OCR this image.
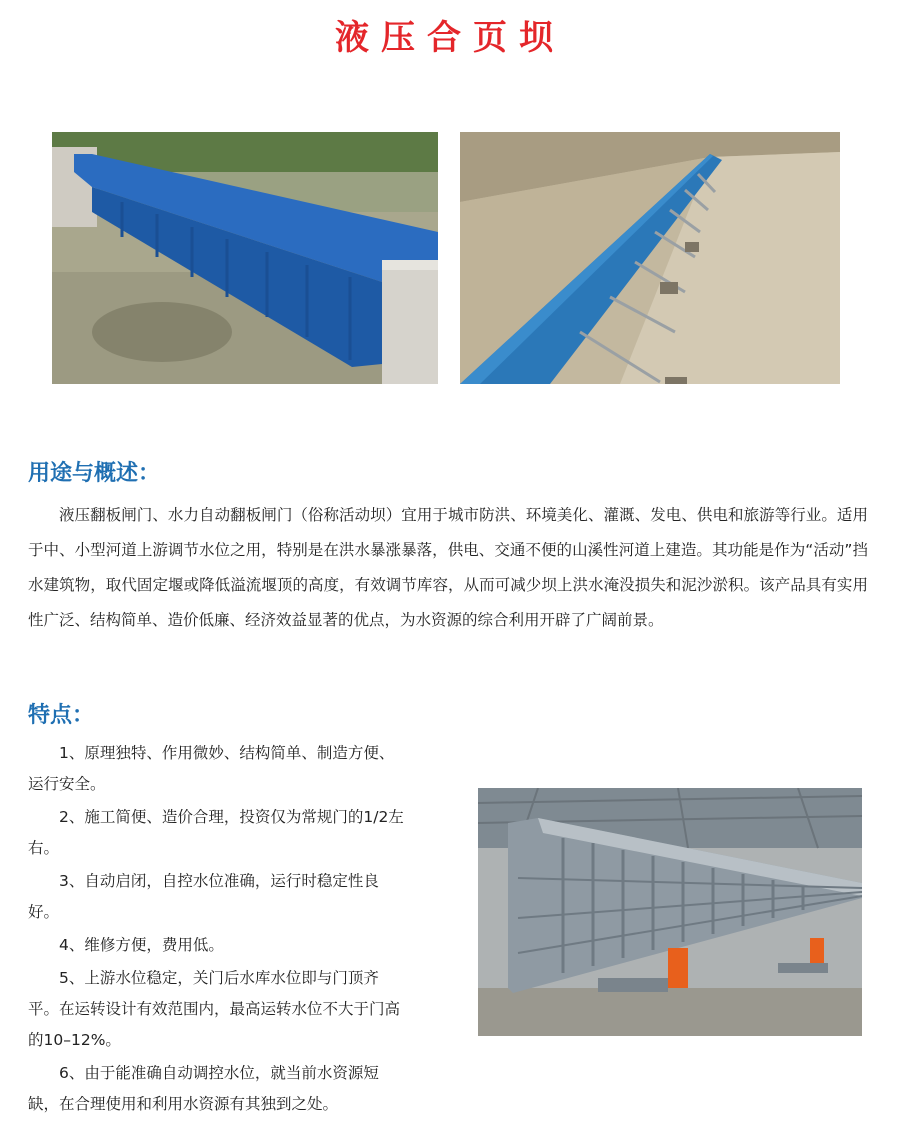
液压合页坝
用途与概述：

液压翻板闸门、水力自动翻板闸门（俗称活动坝）宜用于城市防洪、环境美化、灌溉、发电、供电和旅游等行业。适用于中、小型河道上游调节水位之用，特别是在洪水暴涨暴落，供电、交通不便的山溪性河道上建造。其功能是作为“活动”挡水建筑物，取代固定堰或降低溢流堰顶的高度，有效调节库容，从而可减少坝上洪水淹没损失和泥沙淤积。该产品具有实用性广泛、结构简单、造价低廉、经济效益显著的优点，为水资源的综合利用开辟了广阔前景。

特点：

1、原理独特、作用微妙、结构简单、制造方便、运行安全。

2、施工简便、造价合理，投资仅为常规门的1/2左右。

3、自动启闭，自控水位准确，运行时稳定性良好。

4、维修方便，费用低。

5、上游水位稳定，关门后水库水位即与门顶齐平。在运转设计有效范围内，最高运转水位不大于门高的10–12%。

6、由于能准确自动调控水位，就当前水资源短缺，在合理使用和利用水资源有其独到之处。
